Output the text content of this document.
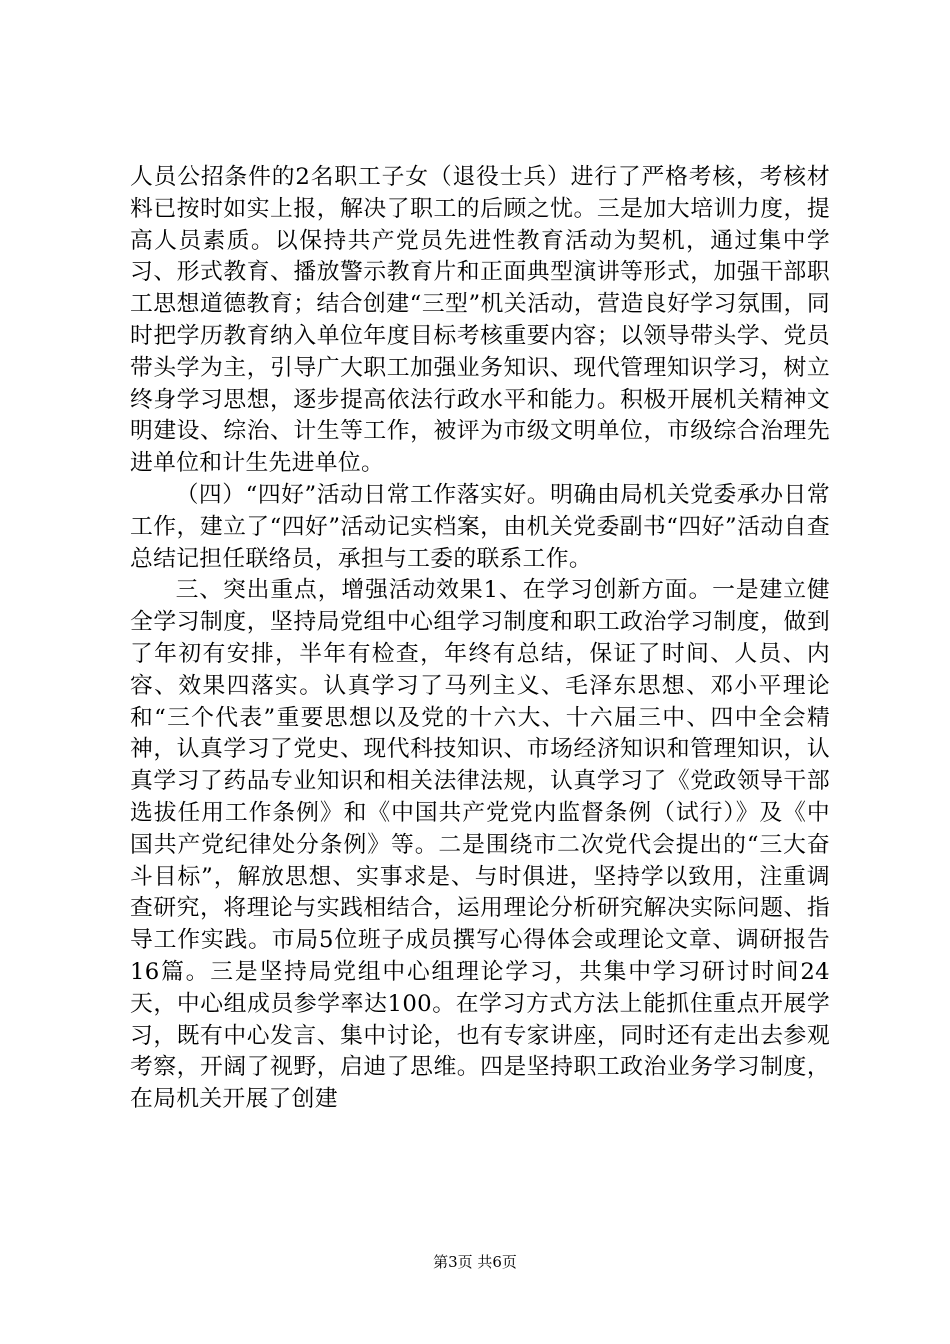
人员公招条件的2名职工子女（退役士兵）进行了严格考核，考核材料已按时如实上报，解决了职工的后顾之忧。三是加大培训力度，提高人员素质。以保持共产党员先进性教育活动为契机，通过集中学习、形式教育、播放警示教育片和正面典型演讲等形式，加强干部职工思想道德教育；结合创建“三型”机关活动，营造良好学习氛围，同时把学历教育纳入单位年度目标考核重要内容；以领导带头学、党员带头学为主，引导广大职工加强业务知识、现代管理知识学习，树立终身学习思想，逐步提高依法行政水平和能力。积极开展机关精神文明建设、综治、计生等工作，被评为市级文明单位，市级综合治理先进单位和计生先进单位。

（四）“四好”活动日常工作落实好。明确由局机关党委承办日常工作，建立了“四好”活动记实档案，由机关党委副书“四好”活动自查总结记担任联络员，承担与工委的联系工作。

三、突出重点，增强活动效果1、在学习创新方面。一是建立健全学习制度，坚持局党组中心组学习制度和职工政治学习制度，做到了年初有安排，半年有检查，年终有总结，保证了时间、人员、内容、效果四落实。认真学习了马列主义、毛泽东思想、邓小平理论和“三个代表”重要思想以及党的十六大、十六届三中、四中全会精神，认真学习了党史、现代科技知识、市场经济知识和管理知识，认真学习了药品专业知识和相关法律法规，认真学习了《党政领导干部选拔任用工作条例》和《中国共产党党内监督条例（试行）》及《中国共产党纪律处分条例》等。二是围绕市二次党代会提出的“三大奋斗目标”，解放思想、实事求是、与时俱进，坚持学以致用，注重调查研究，将理论与实践相结合，运用理论分析研究解决实际问题、指导工作实践。市局5位班子成员撰写心得体会或理论文章、调研报告16篇。三是坚持局党组中心组理论学习，共集中学习研讨时间24天，中心组成员参学率达100。在学习方式方法上能抓住重点开展学习，既有中心发言、集中讨论，也有专家讲座，同时还有走出去参观考察，开阔了视野，启迪了思维。四是坚持职工政治业务学习制度，在局机关开展了创建

第3页 共6页
